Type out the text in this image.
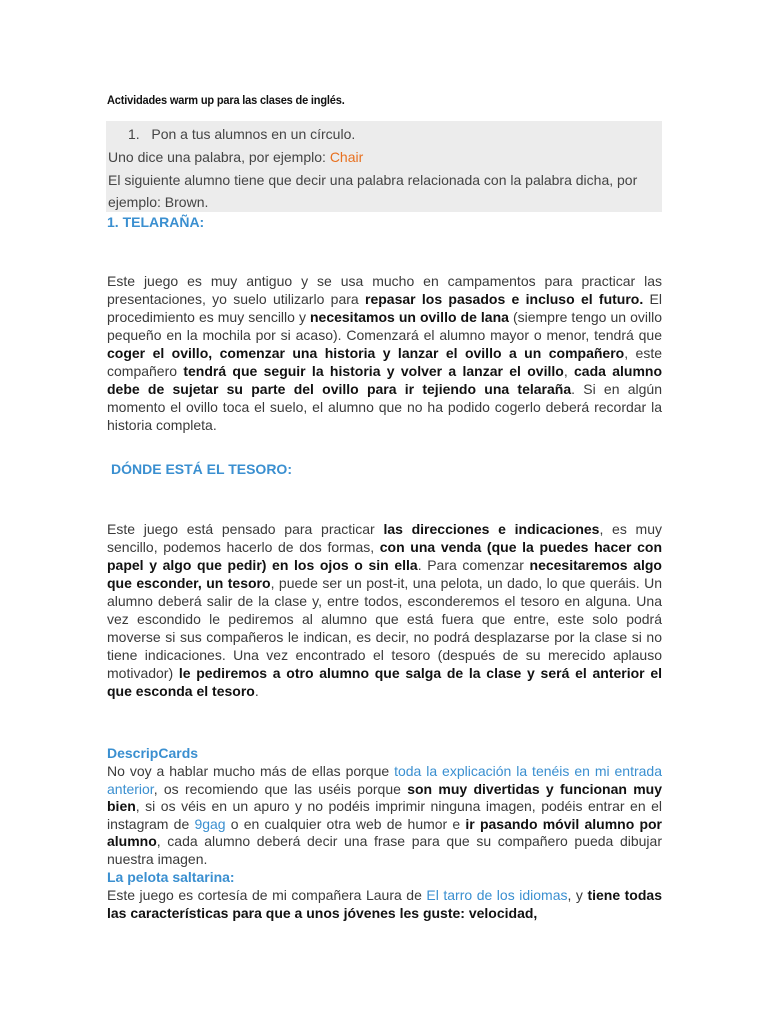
Actividades warm up para las clases de inglés.
1. Pon a tus alumnos en un círculo.
Uno dice una palabra, por ejemplo: Chair
El siguiente alumno tiene que decir una palabra relacionada con la palabra dicha, por
ejemplo: Brown.
1. TELARAÑA:
Este juego es muy antiguo y se usa mucho en campamentos para practicar las presentaciones, yo suelo utilizarlo para repasar los pasados e incluso el futuro. El procedimiento es muy sencillo y necesitamos un ovillo de lana (siempre tengo un ovillo pequeño en la mochila por si acaso). Comenzará el alumno mayor o menor, tendrá que coger el ovillo, comenzar una historia y lanzar el ovillo a un compañero, este compañero tendrá que seguir la historia y volver a lanzar el ovillo, cada alumno debe de sujetar su parte del ovillo para ir tejiendo una telaraña. Si en algún momento el ovillo toca el suelo, el alumno que no ha podido cogerlo deberá recordar la historia completa.
DÓNDE ESTÁ EL TESORO:
Este juego está pensado para practicar las direcciones e indicaciones, es muy sencillo, podemos hacerlo de dos formas, con una venda (que la puedes hacer con papel y algo que pedir) en los ojos o sin ella. Para comenzar necesitaremos algo que esconder, un tesoro, puede ser un post-it, una pelota, un dado, lo que queráis. Un alumno deberá salir de la clase y, entre todos, esconderemos el tesoro en alguna. Una vez escondido le pediremos al alumno que está fuera que entre, este solo podrá moverse si sus compañeros le indican, es decir, no podrá desplazarse por la clase si no tiene indicaciones. Una vez encontrado el tesoro (después de su merecido aplauso motivador) le pediremos a otro alumno que salga de la clase y será el anterior el que esconda el tesoro.
DescripCards
No voy a hablar mucho más de ellas porque toda la explicación la tenéis en mi entrada anterior, os recomiendo que las uséis porque son muy divertidas y funcionan muy bien, si os véis en un apuro y no podéis imprimir ninguna imagen, podéis entrar en el instagram de 9gag o en cualquier otra web de humor e ir pasando móvil alumno por alumno, cada alumno deberá decir una frase para que su compañero pueda dibujar nuestra imagen.
La pelota saltarina:
Este juego es cortesía de mi compañera Laura de El tarro de los idiomas, y tiene todas las características para que a unos jóvenes les guste: velocidad,
